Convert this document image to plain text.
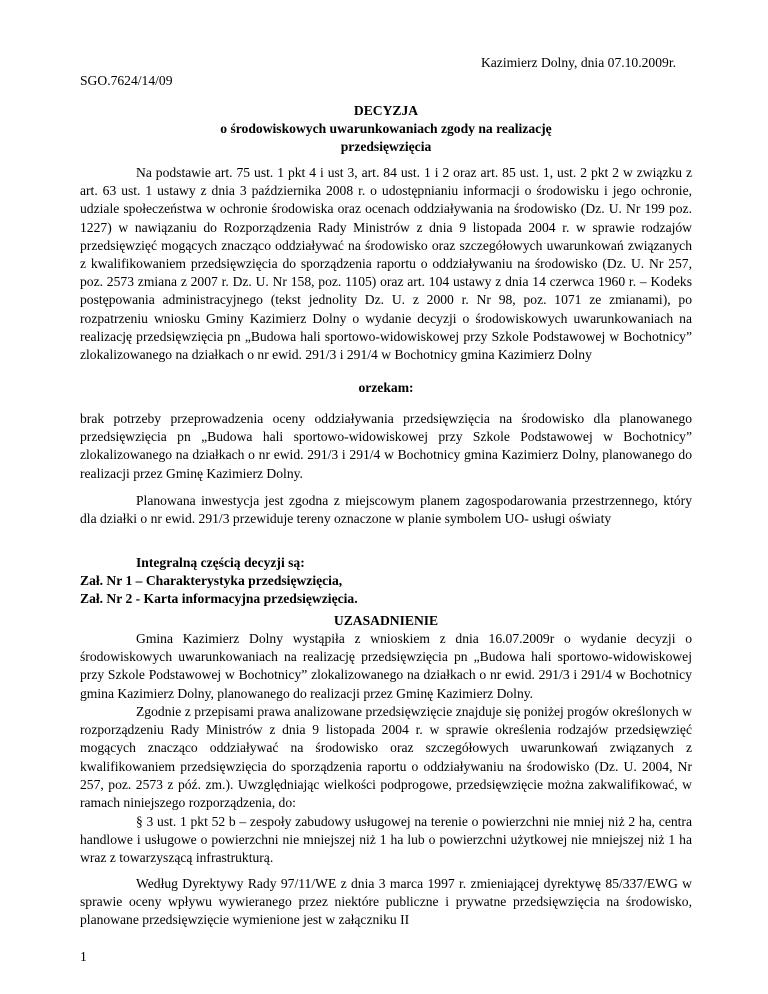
Kazimierz Dolny, dnia 07.10.2009r.
SGO.7624/14/09
DECYZJA
o środowiskowych uwarunkowaniach zgody na realizację
przedsięwzięcia

Na podstawie art. 75 ust. 1 pkt 4 i ust 3, art. 84 ust. 1 i 2 oraz art. 85 ust. 1, ust. 2 pkt 2 w związku z art. 63 ust. 1 ustawy z dnia 3 października 2008 r. o udostępnianiu informacji o środowisku i jego ochronie, udziale społeczeństwa w ochronie środowiska oraz ocenach oddziaływania na środowisko (Dz. U. Nr 199 poz. 1227) w nawiązaniu do Rozporządzenia Rady Ministrów z dnia 9 listopada 2004 r. w sprawie rodzajów przedsięwzięć mogących znacząco oddziaływać na środowisko oraz szczegółowych uwarunkowań związanych z kwalifikowaniem przedsięwzięcia do sporządzenia raportu o oddziaływaniu na środowisko (Dz. U. Nr 257, poz. 2573 zmiana z 2007 r. Dz. U. Nr 158, poz. 1105) oraz art. 104 ustawy z dnia 14 czerwca 1960 r. – Kodeks postępowania administracyjnego (tekst jednolity Dz. U. z 2000 r. Nr 98, poz. 1071 ze zmianami), po rozpatrzeniu wniosku Gminy Kazimierz Dolny o wydanie decyzji o środowiskowych uwarunkowaniach na realizację przedsięwzięcia pn „Budowa hali sportowo-widowiskowej przy Szkole Podstawowej w Bochotnicy” zlokalizowanego na działkach o nr ewid. 291/3 i 291/4 w Bochotnicy gmina Kazimierz Dolny

orzekam:

brak potrzeby przeprowadzenia oceny oddziaływania przedsięwzięcia na środowisko dla planowanego przedsięwzięcia pn „Budowa hali sportowo-widowiskowej przy Szkole Podstawowej w Bochotnicy” zlokalizowanego na działkach o nr ewid. 291/3 i 291/4 w Bochotnicy gmina Kazimierz Dolny, planowanego do realizacji przez Gminę Kazimierz Dolny.

Planowana inwestycja jest zgodna z miejscowym planem zagospodarowania przestrzennego, który dla działki o nr ewid. 291/3 przewiduje tereny oznaczone w planie symbolem UO- usługi oświaty

Integralną częścią decyzji są:
Zał. Nr 1 – Charakterystyka przedsięwzięcia,
Zał. Nr 2 - Karta informacyjna przedsięwzięcia.
UZASADNIENIE

Gmina Kazimierz Dolny wystąpiła z wnioskiem z dnia 16.07.2009r o wydanie decyzji o środowiskowych uwarunkowaniach na realizację przedsięwzięcia pn „Budowa hali sportowo-widowiskowej przy Szkole Podstawowej w Bochotnicy” zlokalizowanego na działkach o nr ewid. 291/3 i 291/4 w Bochotnicy gmina Kazimierz Dolny, planowanego do realizacji przez Gminę Kazimierz Dolny.

Zgodnie z przepisami prawa analizowane przedsięwzięcie znajduje się poniżej progów określonych w rozporządzeniu Rady Ministrów z dnia 9 listopada 2004 r. w sprawie określenia rodzajów przedsięwzięć mogących znacząco oddziaływać na środowisko oraz szczegółowych uwarunkowań związanych z kwalifikowaniem przedsięwzięcia do sporządzenia raportu o oddziaływaniu na środowisko (Dz. U. 2004, Nr 257, poz. 2573 z póź. zm.). Uwzględniając wielkości podprogowe, przedsięwzięcie można zakwalifikować, w ramach niniejszego rozporządzenia, do:

§ 3 ust. 1 pkt 52 b – zespoły zabudowy usługowej na terenie o powierzchni nie mniej niż 2 ha, centra handlowe i usługowe o powierzchni nie mniejszej niż 1 ha lub o powierzchni użytkowej nie mniejszej niż 1 ha wraz z towarzyszącą infrastrukturą.

Według Dyrektywy Rady 97/11/WE z dnia 3 marca 1997 r. zmieniającej dyrektywę 85/337/EWG w sprawie oceny wpływu wywieranego przez niektóre publiczne i prywatne przedsięwzięcia na środowisko, planowane przedsięwzięcie wymienione jest w załączniku II

1
